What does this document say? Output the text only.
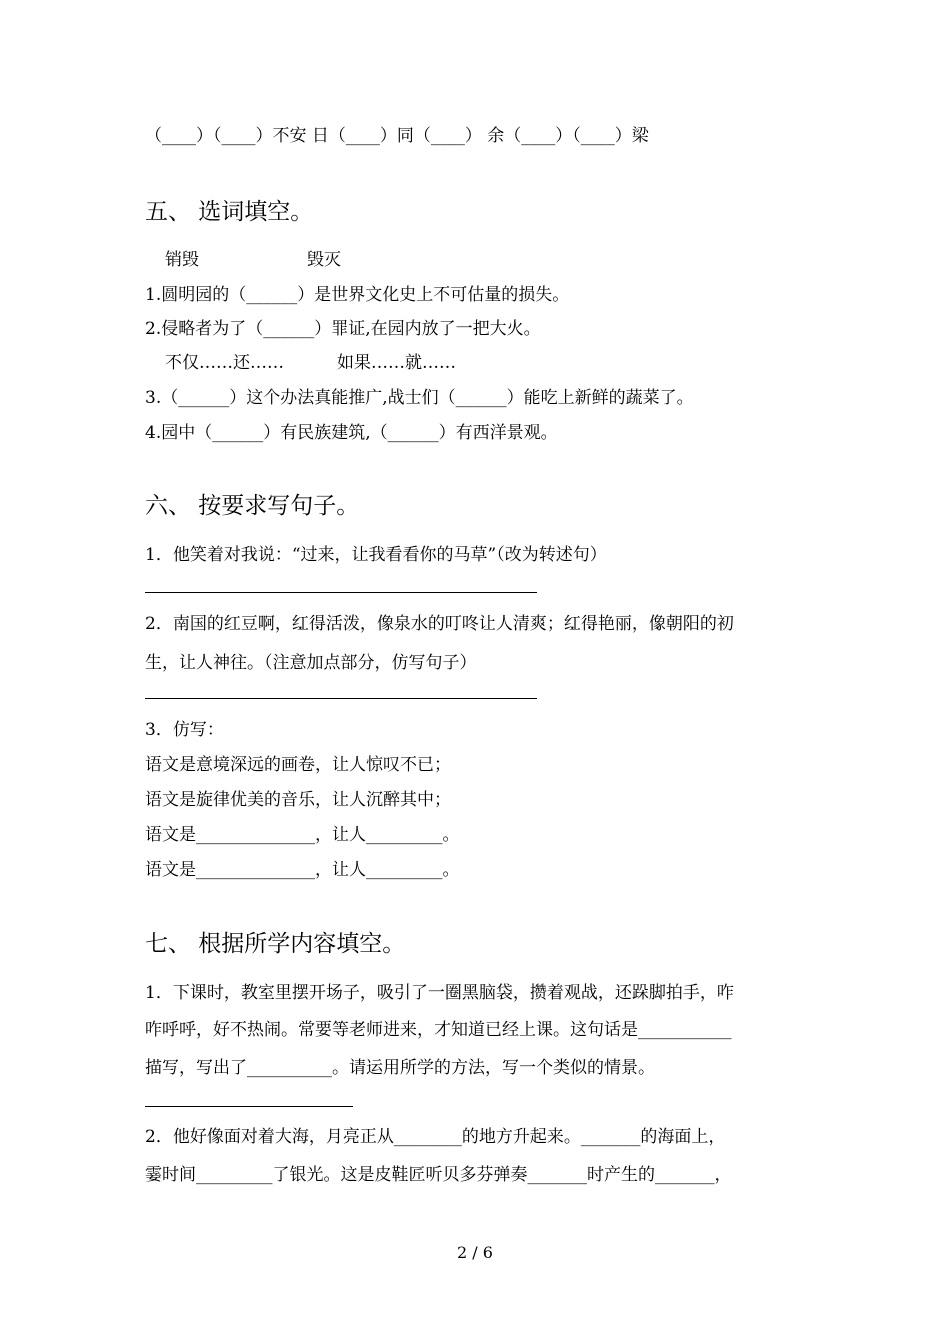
（____）（____）不安 日（____）同（____） 余（____）（____）梁
五、 选词填空。
销毁	毁灭
1.圆明园的（______）是世界文化史上不可估量的损失。
2.侵略者为了（______）罪证,在园内放了一把大火。
不仅……还……	如果……就……
3.（______）这个办法真能推广,战士们（______）能吃上新鲜的蔬菜了。
4.园中（______）有民族建筑,（______）有西洋景观。
六、 按要求写句子。
1．他笑着对我说：“过来，让我看看你的马草”（改为转述句）
2．南国的红豆啊，红得活泼，像泉水的叮咚让人清爽；红得艳丽，像朝阳的初
生，让人神往。（注意加点部分，仿写句子）
3．仿写：
语文是意境深远的画卷，让人惊叹不已；
语文是旋律优美的音乐，让人沉醉其中；
语文是______________，让人_________。
语文是______________，让人_________。
七、 根据所学内容填空。
1．下课时，教室里摆开场子，吸引了一圈黑脑袋，攒着观战，还跺脚拍手，咋
咋呼呼，好不热闹。常要等老师进来，才知道已经上课。这句话是___________
描写，写出了__________。请运用所学的方法，写一个类似的情景。
2．他好像面对着大海，月亮正从________的地方升起来。_______的海面上，
霎时间_________了银光。这是皮鞋匠听贝多芬弹奏_______时产生的_______，
2 / 6
